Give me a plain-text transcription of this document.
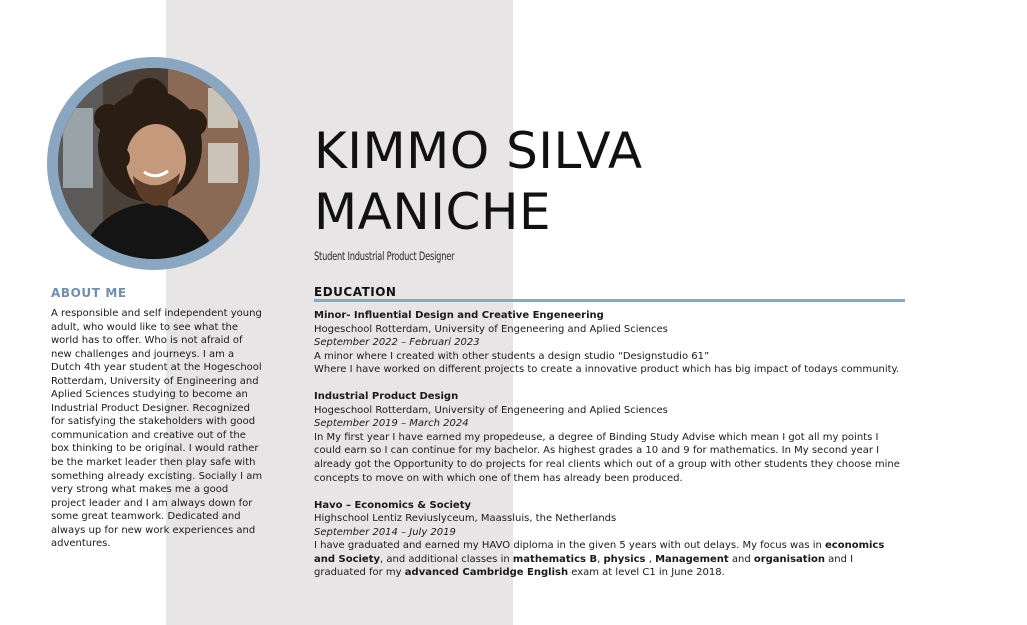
KIMMO SILVA
MANICHE
Student Industrial Product Designer
ABOUT ME
A responsible and self independent young adult, who would like to see what the world has to offer. Who is not afraid of new challenges and journeys. I am a Dutch 4th year student at the Hogeschool Rotterdam, University of Engineering and Aplied Sciences studying to become an Industrial Product Designer. Recognized for satisfying the stakeholders with good communication and creative out of the box thinking to be original. I would rather be the market leader then play safe with something already excisting. Socially I am very strong what makes me a good project leader and I am always down for some great teamwork. Dedicated and always up for new work experiences and adventures.
EDUCATION
Minor- Influential Design and Creative Engeneering
Hogeschool Rotterdam, University of Engeneering and Aplied Sciences
September 2022 – Februari 2023
A minor where I created with other students a design studio “Designstudio 61”
Where I have worked on different projects to create a innovative product which has big impact of todays community.
Industrial Product Design
Hogeschool Rotterdam, University of Engeneering and Aplied Sciences
September 2019 – March 2024
In My first year I have earned my propedeuse, a degree of Binding Study Advise which mean I got all my points I could earn so I can continue for my bachelor. As highest grades a 10 and 9 for mathematics. In My second year I already got the Opportunity to do projects for real clients which out of a group with other students they choose mine concepts to move on with which one of them has already been produced.
Havo – Economics & Society
Highschool Lentiz Reviuslyceum, Maassluis, the Netherlands
September 2014 – July 2019
I have graduated and earned my HAVO diploma in the given 5 years with out delays. My focus was in economics and Society, and additional classes in mathematics B, physics , Management and organisation and I graduated for my advanced Cambridge English exam at level C1 in June 2018.
